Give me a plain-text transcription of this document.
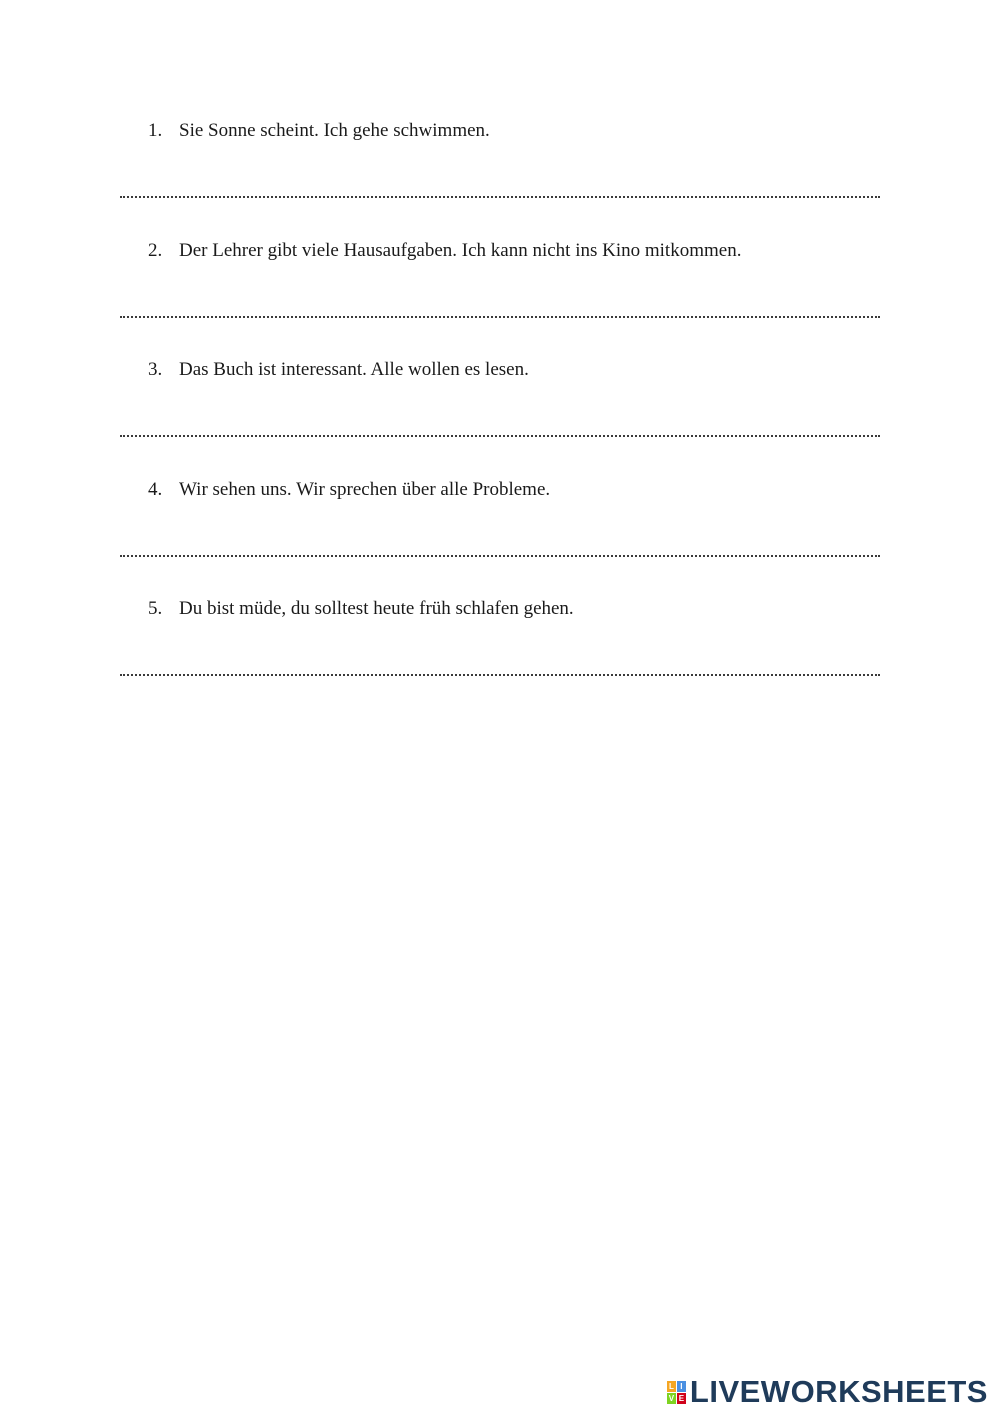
1. Sie Sonne scheint. Ich gehe schwimmen.
2. Der Lehrer gibt viele Hausaufgaben. Ich kann nicht ins Kino mitkommen.
3. Das Buch ist interessant. Alle wollen es lesen.
4. Wir sehen uns. Wir sprechen über alle Probleme.
5. Du bist müde, du solltest heute früh schlafen gehen.
L I
V E LIVEWORKSHEETS
